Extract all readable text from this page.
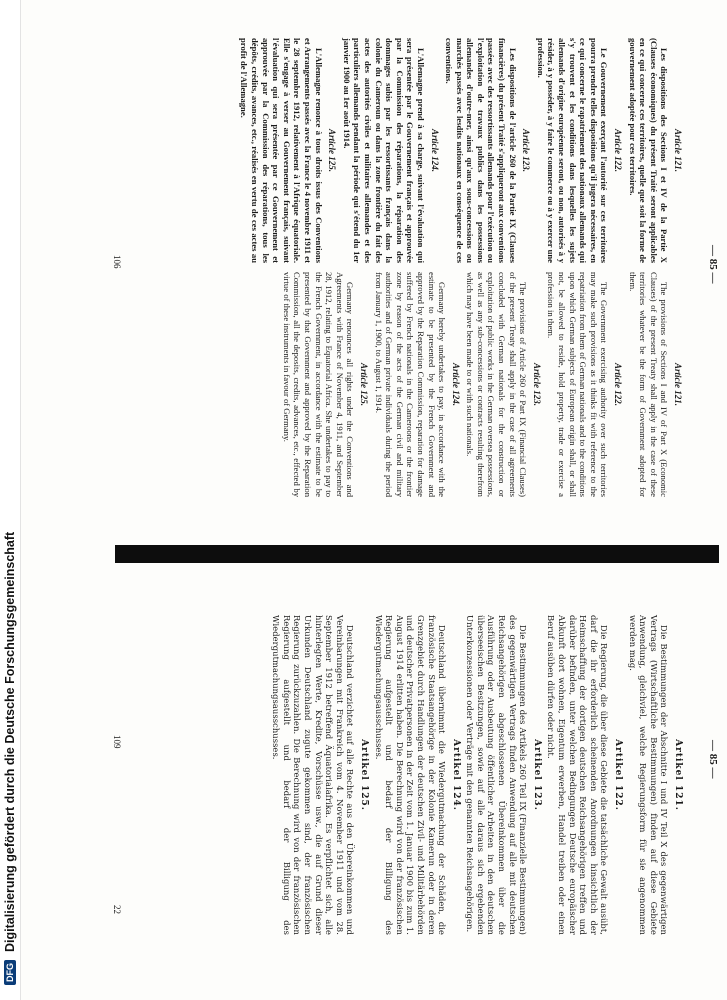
DFG
Digitalisierung gefördert durch die Deutsche Forschungsgemeinschaft
— 85 —
Article 121.

Les dispositions des Sections I et IV de la Partie X (Clauses économiques) du présent Traité seront applicables en ce qui concerne ces territoires, quelle que soit la forme de gouvernement adoptée pour ces territoires.

Article 122.

Le Gouvernement exerçant l'autorité sur ces territoires pourra prendre telles dispositions qu'il jugera nécessaires, en ce qui concerne le rapatriement des nationaux allemands qui s'y trouvent et les conditions dans lesquelles les sujets allemands d'origine européenne seront, ou non, autorisés à y résider, à y posséder, à y faire le commerce ou à y exercer une profession.

Article 123.

Les dispositions de l'article 260 de la Partie IX (Clauses financières) du présent Traité s'appliqueront aux conventions passées avec des ressortissants allemands pour l'exécution ou l'exploitation de travaux publics dans les possessions allemandes d'outre-mer, ainsi qu'aux sous-concessions ou marchés passés avec lesdits nationaux en conséquence de ces conventions.

Article 124.

L'Allemagne prend à sa charge, suivant l'évaluation qui sera présentée par le Gouvernement français et approuvée par la Commission des réparations, la réparation des dommages subis par les ressortissants français dans la colonie du Cameroun ou dans la zone frontière du fait des actes des autorités civiles et militaires allemandes et des particuliers allemands pendant la période qui s'étend du 1er janvier 1900 au 1er août 1914.

Article 125.

L'Allemagne renonce à tous droits issus des Conventions et Arrangements passés avec la France le 4 novembre 1911 et le 28 septembre 1912, relativement à l'Afrique équatoriale. Elle s'engage à verser au Gouvernement français, suivant l'évaluation qui sera présentée par ce Gouvernement et approuvée par la Commission des réparations, tous les dépôts, crédits, avances, etc., réalisés en vertu de ces actes au profit de l'Allemagne.

Article 121.

The provisions of Sections I and IV of Part X (Economic Clauses) of the present Treaty shall apply in the case of these territories whatever be the form of Government adopted for them.

Article 122.

The Government exercising authority over such territories may make such provisions as it thinks fit with reference to the repatriation from them of German nationals and to the conditions upon which German subjects of European origin shall, or shall not, be allowed to reside, hold property, trade or exercise a profession in them.

Article 123.

The provisions of Article 260 of Part IX (Financial Clauses) of the present Treaty shall apply in the case of all agreements concluded with German nationals for the construction or exploitation of public works in the German oversea possessions, as well as any sub-concessions or contracts resulting therefrom which may have been made to or with such nationals.

Article 124.

Germany hereby undertakes to pay, in accordance with the estimate to be presented by the French Government and approved by the Reparation Commission, reparation for damage suffered by French nationals in the Cameroons or the frontier zone by reason of the acts of the German civil and military authorities and of German private individuals during the period from January 1, 1900, to August 1, 1914.

Article 125.

Germany renounces all rights under the Conventions and Agreements with France of November 4, 1911, and September 28, 1912, relating to Equatorial Africa. She undertakes to pay to the French Government, in accordance with the estimate to be presented by that Government and approved by the Reparation Commission, all the deposits, credits, advances, etc., effected by virtue of these instruments in favour of Germany.

106
— 85 —
Artikel 121.

Die Bestimmungen der Abschnitte I und IV Teil X des gegenwärtigen Vertrags (Wirtschaftliche Bestimmungen) finden auf diese Gebiete Anwendung, gleichviel, welche Regierungsform für sie angenommen werden mag.

Artikel 122.

Die Regierung, die über diese Gebiete die tatsächliche Gewalt ausübt, darf die ihr erforderlich scheinenden Anordnungen hinsichtlich der Heimschaffung der dortigen deutschen Reichsangehörigen treffen und darüber befinden, unter welchen Bedingungen Deutsche europäischer Abkunft dort wohnen, Eigentum erwerben, Handel treiben oder einen Beruf ausüben dürfen oder nicht.

Artikel 123.

Die Bestimmungen des Artikels 260 Teil IX (Finanzielle Bestimmungen) des gegenwärtigen Vertrags finden Anwendung auf alle mit deutschen Reichsangehörigen abgeschlossenen Übereinkommen über die Ausführung oder Ausbeutung öffentlicher Arbeiten in den deutschen überseeischen Besitzungen, sowie auf alle daraus sich ergebenden Unterkonzessionen oder Verträge mit den genannten Reichsangehörigen.

Artikel 124.

Deutschland übernimmt die Wiedergutmachung der Schäden, die französische Staatsangehörige in der Kolonie Kamerun oder in deren Grenzgebiet durch Handlungen der deutschen Zivil- und Militärbehörden und deutscher Privatpersonen in der Zeit vom 1. Januar 1900 bis zum 1. August 1914 erlitten haben. Die Berechnung wird von der französischen Regierung aufgestellt und bedarf der Billigung des Wiedergutmachungsausschusses.

Artikel 125.

Deutschland verzichtet auf alle Rechte aus den Übereinkommen und Vereinbarungen mit Frankreich vom 4. November 1911 und vom 28. September 1912 betreffend Äquatorialafrika. Es verpflichtet sich, alle hinterlegten Werte, Kredite, Vorschüsse usw., die auf Grund dieser Urkunden Deutschland zugute gekommen sind, der französischen Regierung zurückzuzahlen. Die Berechnung wird von der französischen Regierung aufgestellt und bedarf der Billigung des Wiedergutmachungsausschusses.

109
22
